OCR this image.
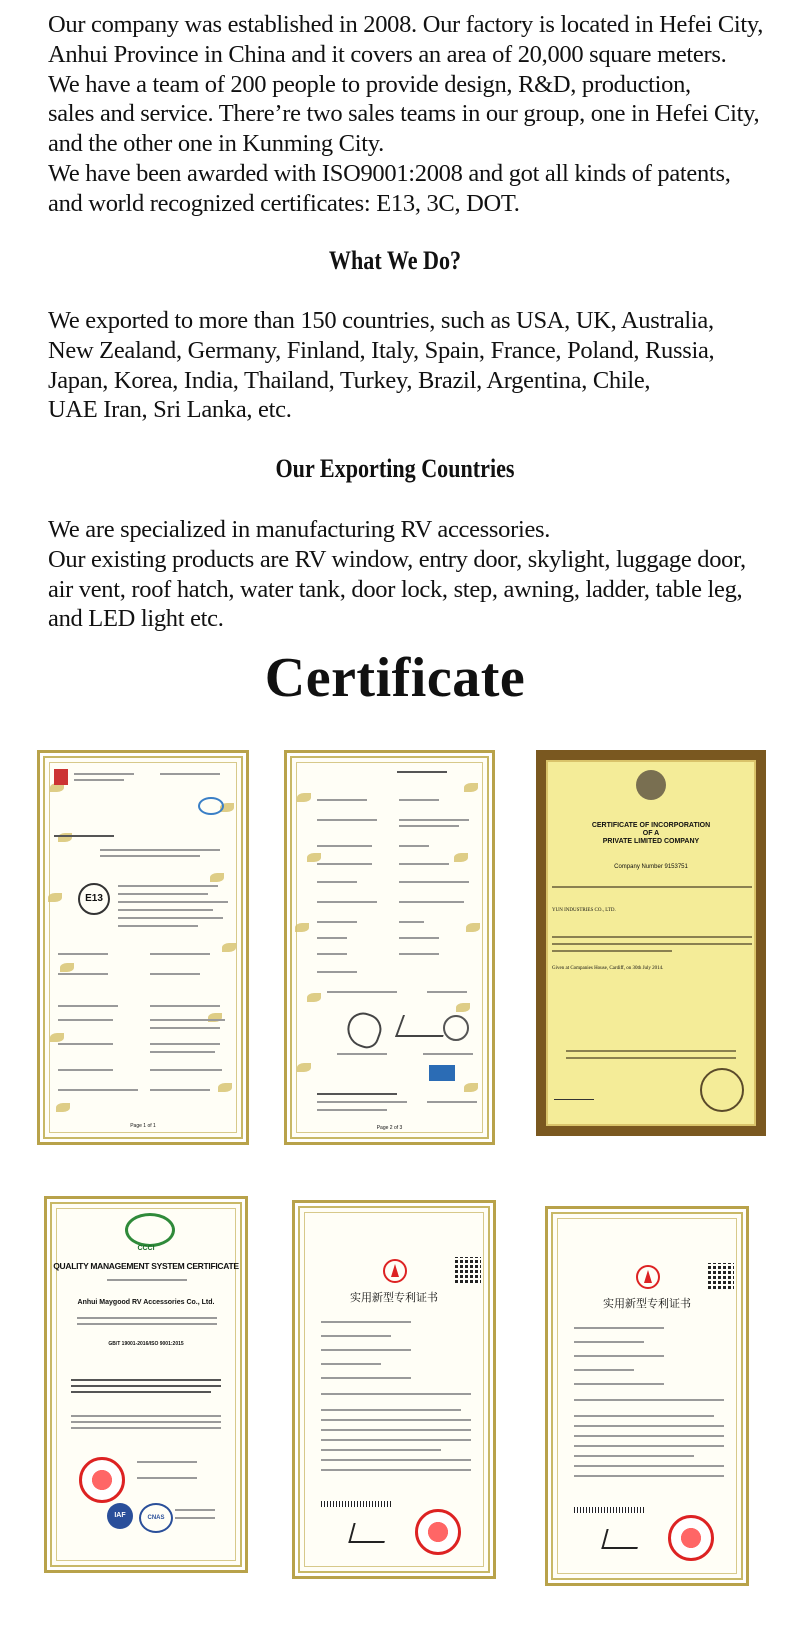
Our company was established in 2008. Our factory is located in Hefei City,
Anhui Province in China and it covers an area of 20,000 square meters.
We have a team of 200 people to provide design, R&D, production,
sales and service. There’re two sales teams in our group, one in Hefei City,
and the other one in Kunming City.
We have been awarded with ISO9001:2008 and got all kinds of patents,
and world recognized certificates: E13, 3C, DOT.
What We Do?
We exported to more than 150 countries, such as USA, UK, Australia,
New Zealand, Germany, Finland, Italy, Spain, France, Poland, Russia,
Japan, Korea, India, Thailand, Turkey, Brazil, Argentina, Chile,
UAE Iran, Sri Lanka, etc.
Our Exporting Countries
We are specialized in manufacturing RV accessories.
Our existing products are RV window, entry door, skylight, luggage door,
air vent, roof hatch, water tank, door lock, step, awning, ladder, table leg,
and LED light etc.
Certificate
E13
Page 1 of 1	Page 2 of 3
CERTIFICATE OF INCORPORATION
OF A
PRIVATE LIMITED COMPANY
Company Number 9153751
YUN INDUSTRIES CO., LTD.
Given at Companies House, Cardiff, on 30th July 2014.
CCCI
QUALITY MANAGEMENT SYSTEM CERTIFICATE
Anhui Maygood RV Accessories Co., Ltd.
GB/T 19001-2016/ISO 9001:2015
IAF	CNAS
实用新型专利证书	实用新型专利证书
